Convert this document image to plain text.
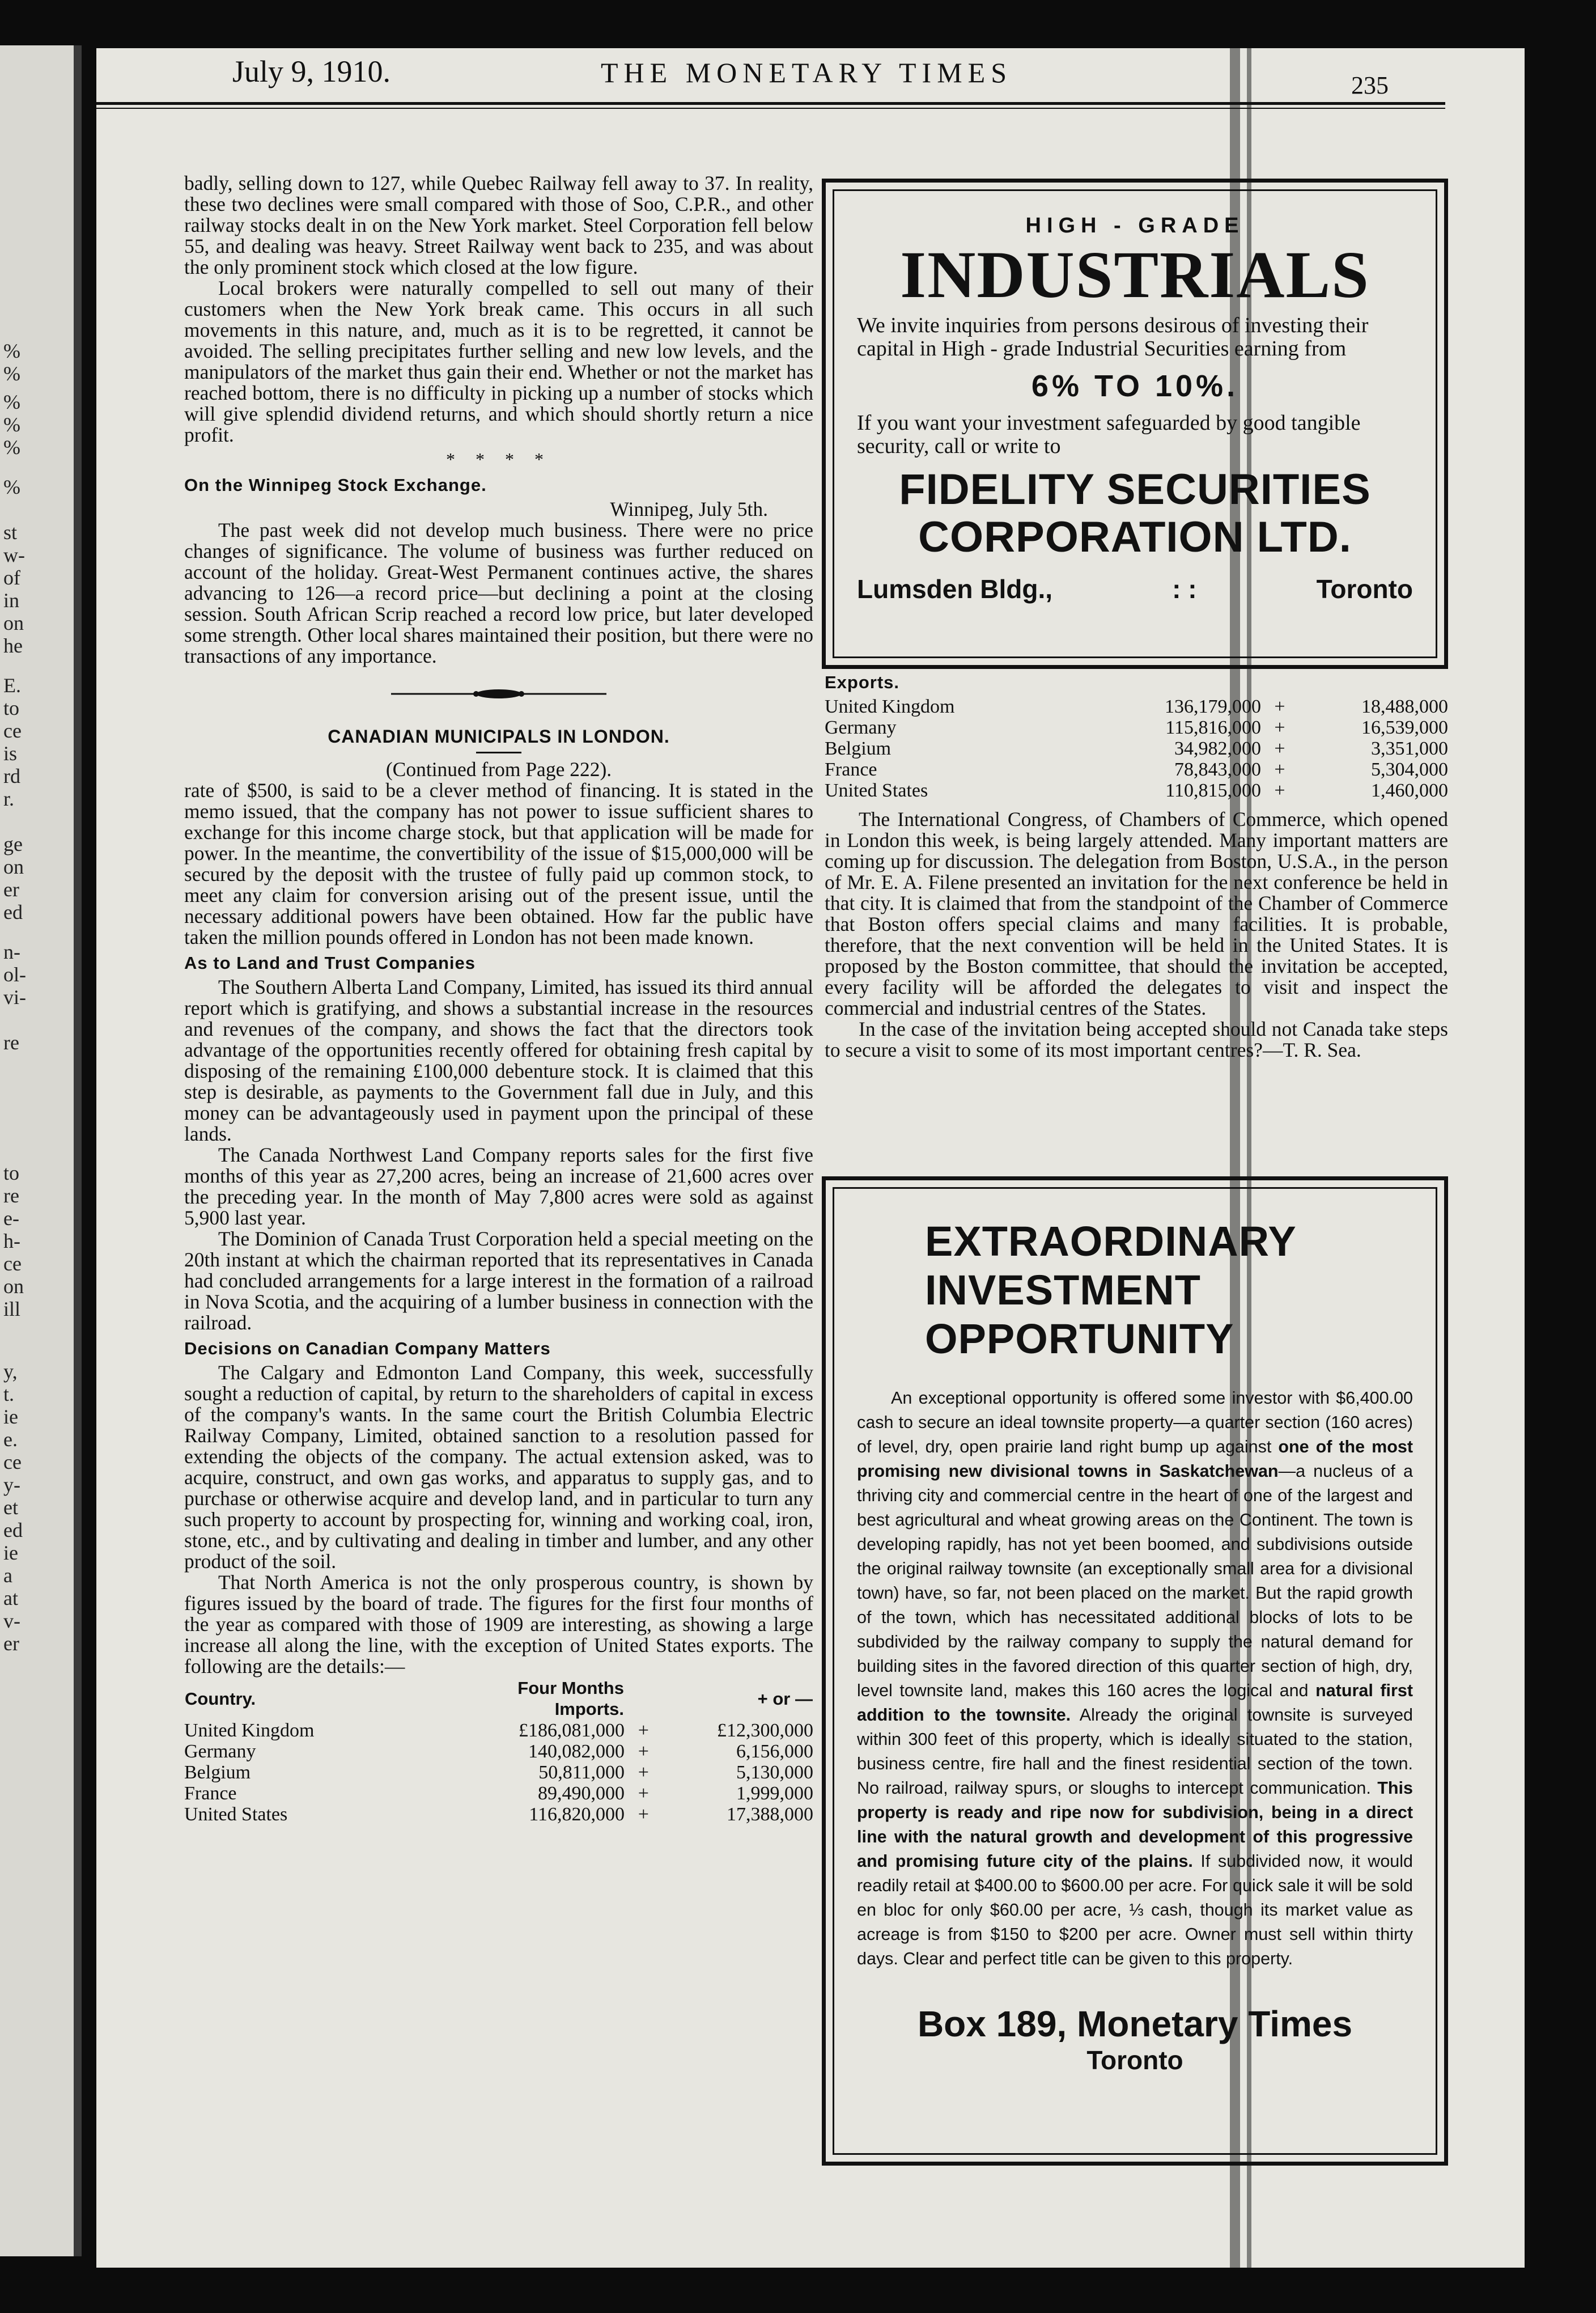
%
%
%
%
%
%
st
w-
of
in
on
he
E.
to
ce
is
rd
r.
ge
on
er
ed
n-
ol-
vi-
re
to
re
e-
h-
ce
on
ill
y,
t.
ie
e.
ce
y-
et
ed
ie
a
at
v-
er
July 9, 1910.	THE MONETARY TIMES	235

badly, selling down to 127, while Quebec Railway fell away to 37. In reality, these two declines were small compared with those of Soo, C.P.R., and other railway stocks dealt in on the New York market. Steel Corporation fell below 55, and dealing was heavy. Street Railway went back to 235, and was about the only prominent stock which closed at the low figure.

Local brokers were naturally compelled to sell out many of their customers when the New York break came. This occurs in all such movements in this nature, and, much as it is to be regretted, it cannot be avoided. The selling precipitates further selling and new low levels, and the manipulators of the market thus gain their end. Whether or not the market has reached bottom, there is no difficulty in picking up a number of stocks which will give splendid dividend returns, and which should shortly return a nice profit.

* * * *
On the Winnipeg Stock Exchange.

Winnipeg, July 5th.

The past week did not develop much business. There were no price changes of significance. The volume of business was further reduced on account of the holiday. Great-West Permanent continues active, the shares advancing to 126—a record price—but declining a point at the closing session. South African Scrip reached a record low price, but later developed some strength. Other local shares maintained their position, but there were no transactions of any importance.

CANADIAN MUNICIPALS IN LONDON.

(Continued from Page 222).

rate of $500, is said to be a clever method of financing. It is stated in the memo issued, that the company has not power to issue sufficient shares to exchange for this income charge stock, but that application will be made for power. In the meantime, the convertibility of the issue of $15,000,000 will be secured by the deposit with the trustee of fully paid up common stock, to meet any claim for conversion arising out of the present issue, until the necessary additional powers have been obtained. How far the public have taken the million pounds offered in London has not been made known.

As to Land and Trust Companies

The Southern Alberta Land Company, Limited, has issued its third annual report which is gratifying, and shows a substantial increase in the resources and revenues of the company, and shows the fact that the directors took advantage of the opportunities recently offered for obtaining fresh capital by disposing of the remaining £100,000 debenture stock. It is claimed that this step is desirable, as payments to the Government fall due in July, and this money can be advantageously used in payment upon the principal of these lands.

The Canada Northwest Land Company reports sales for the first five months of this year as 27,200 acres, being an increase of 21,600 acres over the preceding year. In the month of May 7,800 acres were sold as against 5,900 last year.

The Dominion of Canada Trust Corporation held a special meeting on the 20th instant at which the chairman reported that its representatives in Canada had concluded arrangements for a large interest in the formation of a railroad in Nova Scotia, and the acquiring of a lumber business in connection with the railroad.

Decisions on Canadian Company Matters

The Calgary and Edmonton Land Company, this week, successfully sought a reduction of capital, by return to the shareholders of capital in excess of the company's wants. In the same court the British Columbia Electric Railway Company, Limited, obtained sanction to a resolution passed for extending the objects of the company. The actual extension asked, was to acquire, construct, and own gas works, and apparatus to supply gas, and to purchase or otherwise acquire and develop land, and in particular to turn any such property to account by prospecting for, winning and working coal, iron, stone, etc., and by cultivating and dealing in timber and lumber, and any other product of the soil.

That North America is not the only prosperous country, is shown by figures issued by the board of trade. The figures for the first four months of the year as compared with those of 1909 are interesting, as showing a large increase all along the line, with the exception of United States exports. The following are the details:—

Country.	Four Months Imports.	+ or —	
United Kingdom	£186,081,000	+	£12,300,000
Germany	140,082,000	+	6,156,000
Belgium	50,811,000	+	5,130,000
France	89,490,000	+	1,999,000
United States	116,820,000	+	17,388,000
HIGH - GRADE
INDUSTRIALS
We invite inquiries from persons desirous of investing their capital in High - grade Industrial Securities earning from
6% TO 10%.
If you want your investment safeguarded by good tangible security, call or write to
FIDELITY SECURITIES CORPORATION LTD.
Lumsden Bldg.,	: :	Toronto
Exports.
United Kingdom	136,179,000	+	18,488,000
Germany	115,816,000	+	16,539,000
Belgium	34,982,000	+	3,351,000
France	78,843,000	+	5,304,000
United States	110,815,000	+	1,460,000

The International Congress, of Chambers of Commerce, which opened in London this week, is being largely attended. Many important matters are coming up for discussion. The delegation from Boston, U.S.A., in the person of Mr. E. A. Filene presented an invitation for the next conference be held in that city. It is claimed that from the standpoint of the Chamber of Commerce that Boston offers special claims and many facilities. It is probable, therefore, that the next convention will be held in the United States. It is proposed by the Boston committee, that should the invitation be accepted, every facility will be afforded the delegates to visit and inspect the commercial and industrial centres of the States.

In the case of the invitation being accepted should not Canada take steps to secure a visit to some of its most important centres?—T. R. Sea.

EXTRAORDINARY
INVESTMENT
OPPORTUNITY
An exceptional opportunity is offered some investor with $6,400.00 cash to secure an ideal townsite property—a quarter section (160 acres) of level, dry, open prairie land right bump up against one of the most promising new divisional towns in Saskatchewan—a nucleus of a thriving city and commercial centre in the heart of one of the largest and best agricultural and wheat growing areas on the Continent. The town is developing rapidly, has not yet been boomed, and subdivisions outside the original railway townsite (an exceptionally small area for a divisional town) have, so far, not been placed on the market. But the rapid growth of the town, which has necessitated additional blocks of lots to be subdivided by the railway company to supply the natural demand for building sites in the favored direction of this quarter section of high, dry, level townsite land, makes this 160 acres the logical and natural first addition to the townsite. Already the original townsite is surveyed within 300 feet of this property, which is ideally situated to the station, business centre, fire hall and the finest residential section of the town. No railroad, railway spurs, or sloughs to intercept communication. This property is ready and ripe now for subdivision, being in a direct line with the natural growth and development of this progressive and promising future city of the plains. If subdivided now, it would readily retail at $400.00 to $600.00 per acre. For quick sale it will be sold en bloc for only $60.00 per acre, ⅓ cash, though its market value as acreage is from $150 to $200 per acre. Owner must sell within thirty days. Clear and perfect title can be given to this property.
Box 189, Monetary Times
Toronto
